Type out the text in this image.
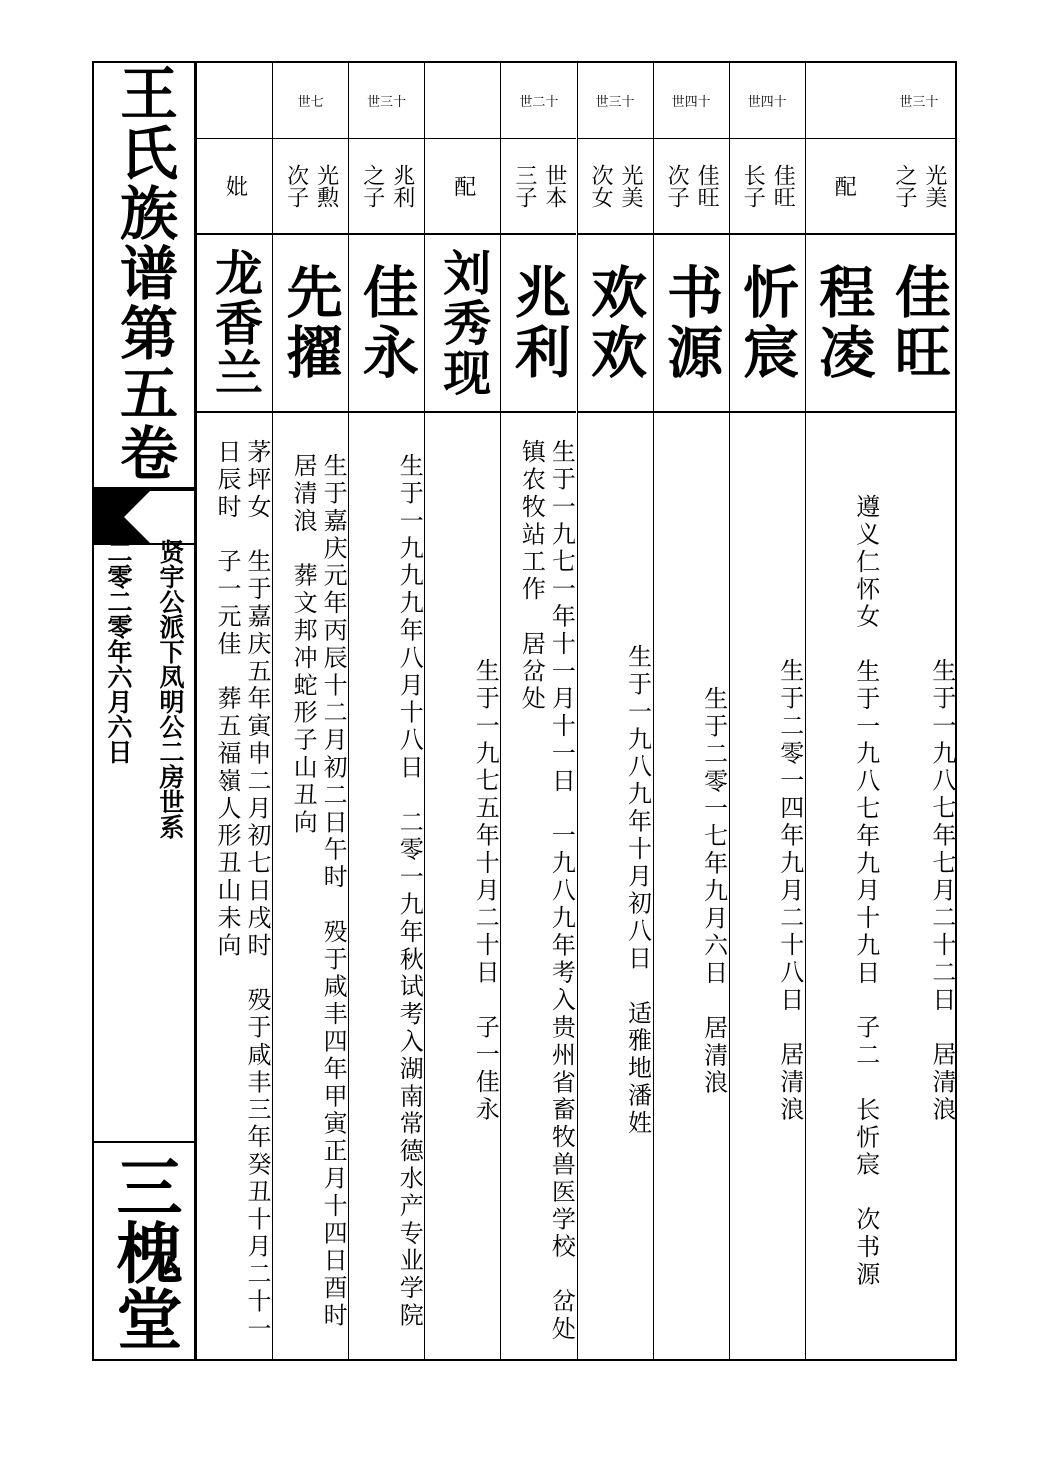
王氏族谱第五卷
贤宇公派下凤明公二房世系
二零二零年六月六日
三槐堂
世三十
光美
之子
佳旺
生于一九八七年七月二十二日　居清浪
配
程凌
遵义仁怀女　生于一九八七年九月十九日　子二　长忻宸　次书源
世四十
佳旺
长子
忻宸
生于二零一四年九月二十八日　居清浪
世四十
佳旺
次子
书源
生于二零一七年九月六日　居清浪
世三十
光美
次女
欢欢
生于一九八九年十月初八日　适雅地潘姓
世二十
世本
三子
兆利
生于一九七一年十一月十一日　一九八九年考入贵州省畜牧兽医学校　岔处
镇农牧站工作　居岔处
配
刘秀现
生于一九七五年十月二十日　子一佳永
世三十
兆利
之子
佳永
生于一九九九年八月十八日　二零一九年秋试考入湖南常德水产专业学院
世七
光勲
次子
先擢
生于嘉庆元年丙辰十二月初二日午时　殁于咸丰四年甲寅正月十四日酉时
居清浪　葬文邦冲蛇形子山丑向
妣
龙香兰
茅坪女　生于嘉庆五年寅申二月初七日戌时　殁于咸丰三年癸丑十月二十一
日辰时　子一元佳　葬五福嶺人形丑山未向
